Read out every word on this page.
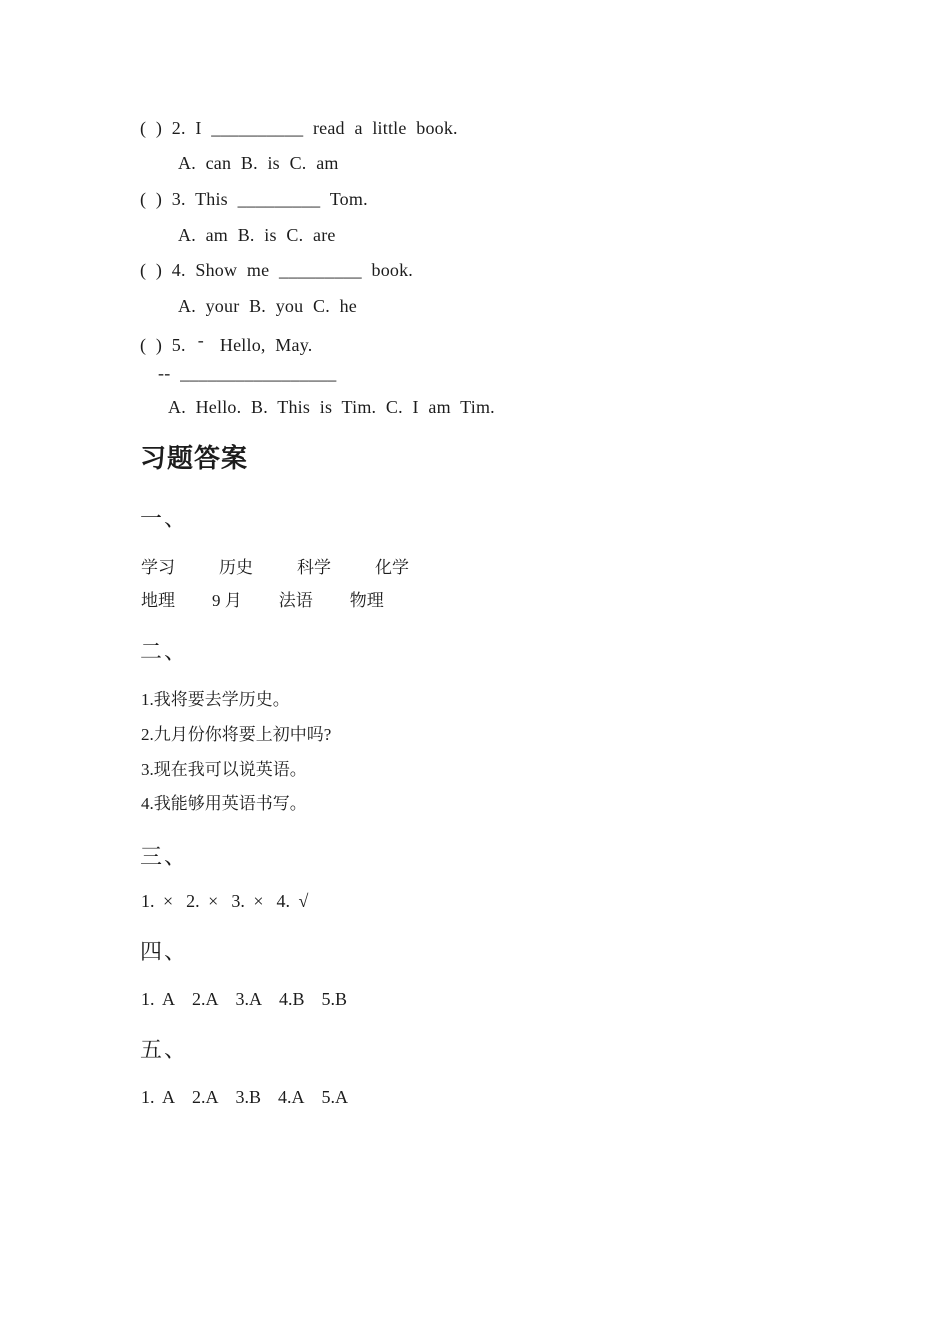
( ) 2. I __________ read a little book.
A. can B. is C. am
( ) 3. This _________ Tom.
A. am B. is C. are
( ) 4. Show me _________ book.
A. your B. you C. he
( ) 5. - Hello, May.
-- _________________
A. Hello. B. This is Tim. C. I am Tim.
习题答案
一、
学习	历史	科学	化学
地理 9 月 法语 物理
二、
1.我将要去学历史。
2.九月份你将要上初中吗?
3.现在我可以说英语。
4.我能够用英语书写。
三、
1. × 2. × 3. × 4. √
四、
1. A 2.A 3.A 4.B 5.B
五、
1. A 2.A 3.B 4.A 5.A
